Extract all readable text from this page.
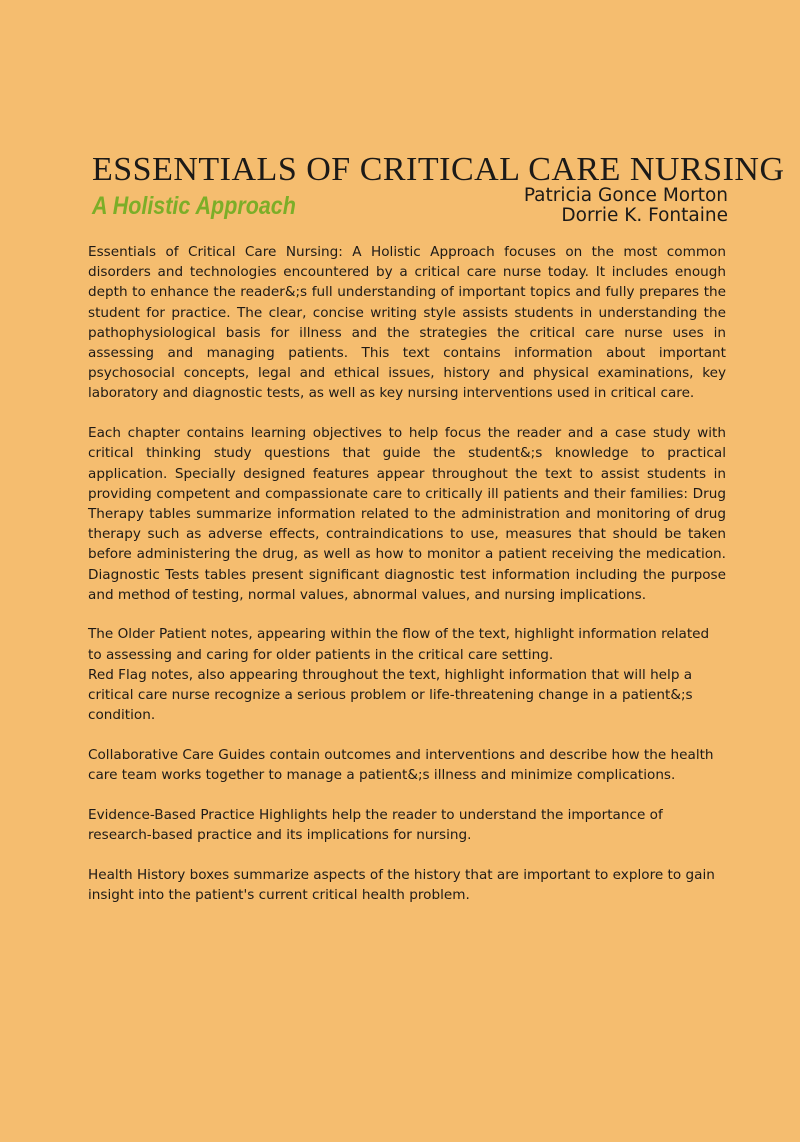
ESSENTIALS OF CRITICAL CARE NURSING
A Holistic Approach	Patricia Gonce Morton
Dorrie K. Fontaine

Essentials of Critical Care Nursing: A Holistic Approach focuses on the most common disorders and technologies encountered by a critical care nurse today. It includes enough depth to enhance the reader&;s full understanding of important topics and fully prepares the student for practice. The clear, concise writing style assists students in understanding the pathophysiological basis for illness and the strategies the critical care nurse uses in assessing and managing patients. This text contains information about important psychosocial concepts, legal and ethical issues, history and physical examinations, key laboratory and diagnostic tests, as well as key nursing interventions used in critical care.

Each chapter contains learning objectives to help focus the reader and a case study with critical thinking study questions that guide the student&;s knowledge to practical application. Specially designed features appear throughout the text to assist students in providing competent and compassionate care to critically ill patients and their families: Drug Therapy tables summarize information related to the administration and monitoring of drug therapy such as adverse effects, contraindications to use, measures that should be taken before administering the drug, as well as how to monitor a patient receiving the medication. Diagnostic Tests tables present significant diagnostic test information including the purpose and method of testing, normal values, abnormal values, and nursing implications.

The Older Patient notes, appearing within the flow of the text, highlight information related to assessing and caring for older patients in the critical care setting.

Red Flag notes, also appearing throughout the text, highlight information that will help a critical care nurse recognize a serious problem or life-threatening change in a patient&;s condition.

Collaborative Care Guides contain outcomes and interventions and describe how the health care team works together to manage a patient&;s illness and minimize complications.

Evidence-Based Practice Highlights help the reader to understand the importance of research-based practice and its implications for nursing.

Health History boxes summarize aspects of the history that are important to explore to gain insight into the patient's current critical health problem.
